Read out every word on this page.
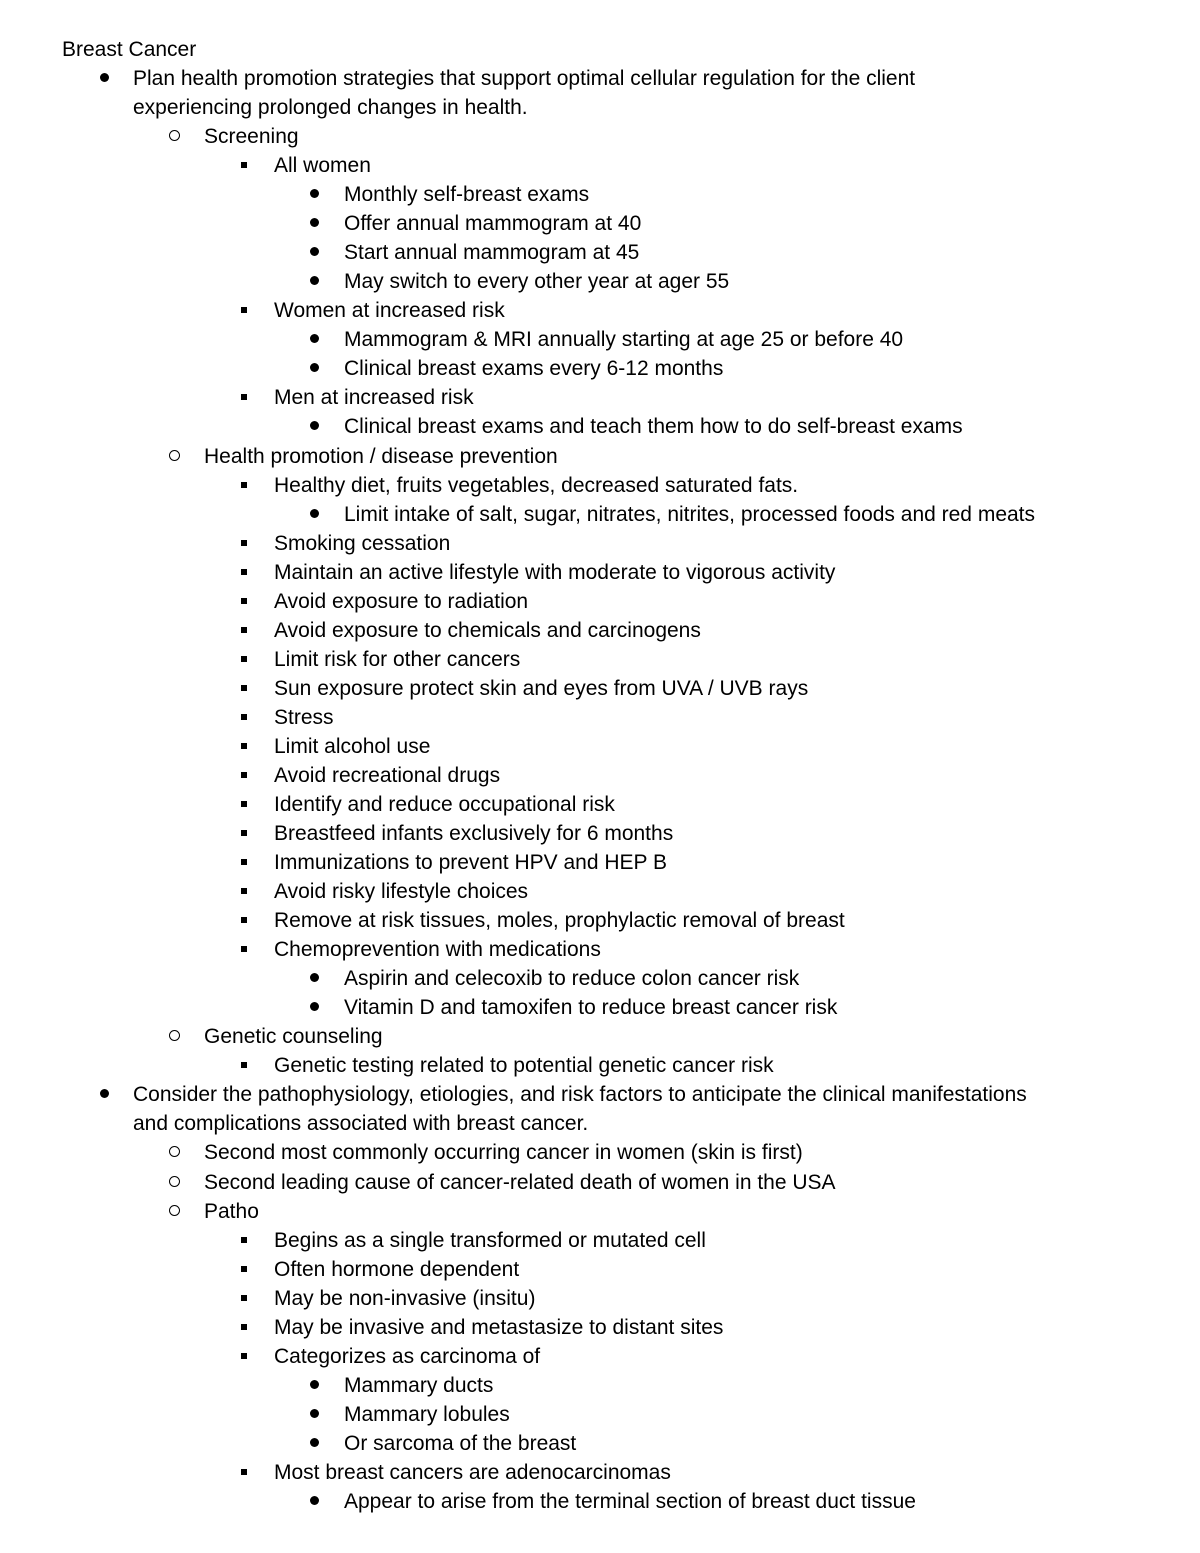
Breast Cancer
Plan health promotion strategies that support optimal cellular regulation for the client
experiencing prolonged changes in health.
Screening
All women
Monthly self-breast exams
Offer annual mammogram at 40
Start annual mammogram at 45
May switch to every other year at ager 55
Women at increased risk
Mammogram & MRI annually starting at age 25 or before 40
Clinical breast exams every 6-12 months
Men at increased risk
Clinical breast exams and teach them how to do self-breast exams
Health promotion / disease prevention
Healthy diet, fruits vegetables, decreased saturated fats.
Limit intake of salt, sugar, nitrates, nitrites, processed foods and red meats
Smoking cessation
Maintain an active lifestyle with moderate to vigorous activity
Avoid exposure to radiation
Avoid exposure to chemicals and carcinogens
Limit risk for other cancers
Sun exposure protect skin and eyes from UVA / UVB rays
Stress
Limit alcohol use
Avoid recreational drugs
Identify and reduce occupational risk
Breastfeed infants exclusively for 6 months
Immunizations to prevent HPV and HEP B
Avoid risky lifestyle choices
Remove at risk tissues, moles, prophylactic removal of breast
Chemoprevention with medications
Aspirin and celecoxib to reduce colon cancer risk
Vitamin D and tamoxifen to reduce breast cancer risk
Genetic counseling
Genetic testing related to potential genetic cancer risk
Consider the pathophysiology, etiologies, and risk factors to anticipate the clinical manifestations
and complications associated with breast cancer.
Second most commonly occurring cancer in women (skin is first)
Second leading cause of cancer-related death of women in the USA
Patho
Begins as a single transformed or mutated cell
Often hormone dependent
May be non-invasive (insitu)
May be invasive and metastasize to distant sites
Categorizes as carcinoma of
Mammary ducts
Mammary lobules
Or sarcoma of the breast
Most breast cancers are adenocarcinomas
Appear to arise from the terminal section of breast duct tissue
